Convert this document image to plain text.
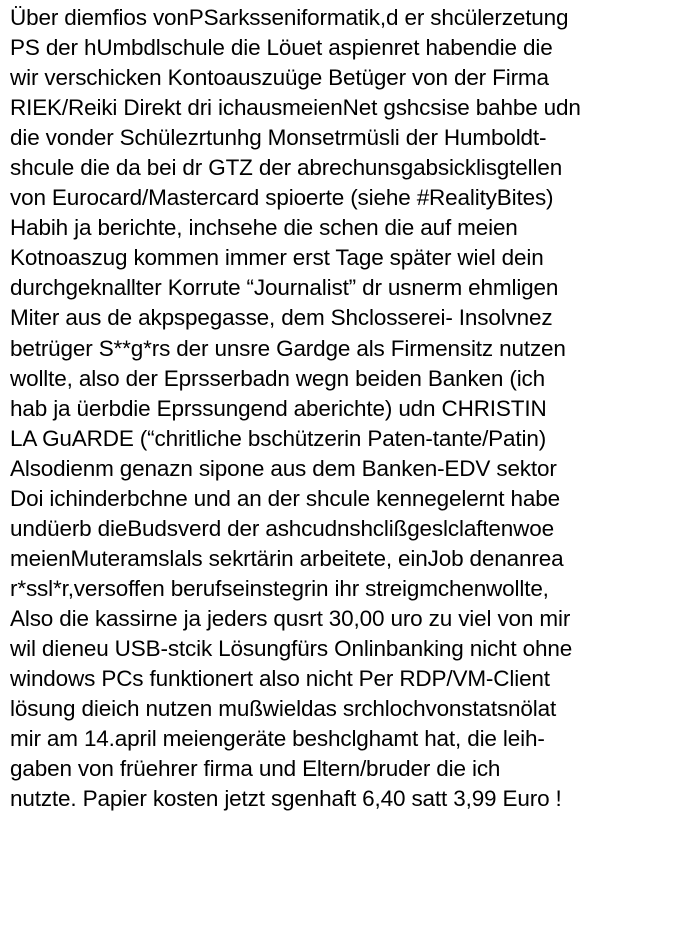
Über diemfios vonPSarksseniformatik,d er shcülerzetung
PS der hUmbdlschule die Löuet aspienret habendie die
wir verschicken Kontoauszuüge Betüger von der Firma
RIEK/Reiki Direkt dri ichausmeienNet gshcsise bahbe udn
die vonder Schülezrtunhg Monsetrmüsli der Humboldt-
shcule die da bei dr GTZ der abrechunsgabsicklisgtellen
von Eurocard/Mastercard spioerte (siehe #RealityBites)
Habih ja berichte, inchsehe die schen die auf meien
Kotnoaszug kommen immer erst Tage später wiel dein
durchgeknallter Korrute “Journalist” dr usnerm ehmligen
Miter aus de akpspegasse, dem Shclosserei- Insolvnez
betrüger S**g*rs der unsre Gardge als Firmensitz nutzen
wollte, also der Eprsserbadn wegn beiden Banken (ich
hab ja üerbdie Eprssungend aberichte) udn CHRISTIN
LA GuARDE (“chritliche bschützerin Paten-tante/Patin)
Alsodienm genazn sipone aus dem Banken-EDV sektor
Doi ichinderbchne und an der shcule kennegelernt habe
undüerb dieBudsverd der ashcudnshclißgeslclaftenwoe
meienMuteramslals sekrtärin arbeitete, einJob denanrea
r*ssl*r,versoffen berufseinstegrin ihr streigmchenwollte,
Also die kassirne ja jeders qusrt 30,00 uro zu viel von mir
wil dieneu USB-stcik Lösungfürs Onlinbanking nicht ohne
windows PCs funktionert also nicht Per RDP/VM-Client
lösung dieich nutzen mußwieldas srchlochvonstatsnölat
mir am 14.april meiengeräte beshclghamt hat, die leih-
gaben von früehrer firma und Eltern/bruder die ich
nutzte. Papier kosten jetzt sgenhaft 6,40 satt 3,99 Euro !
